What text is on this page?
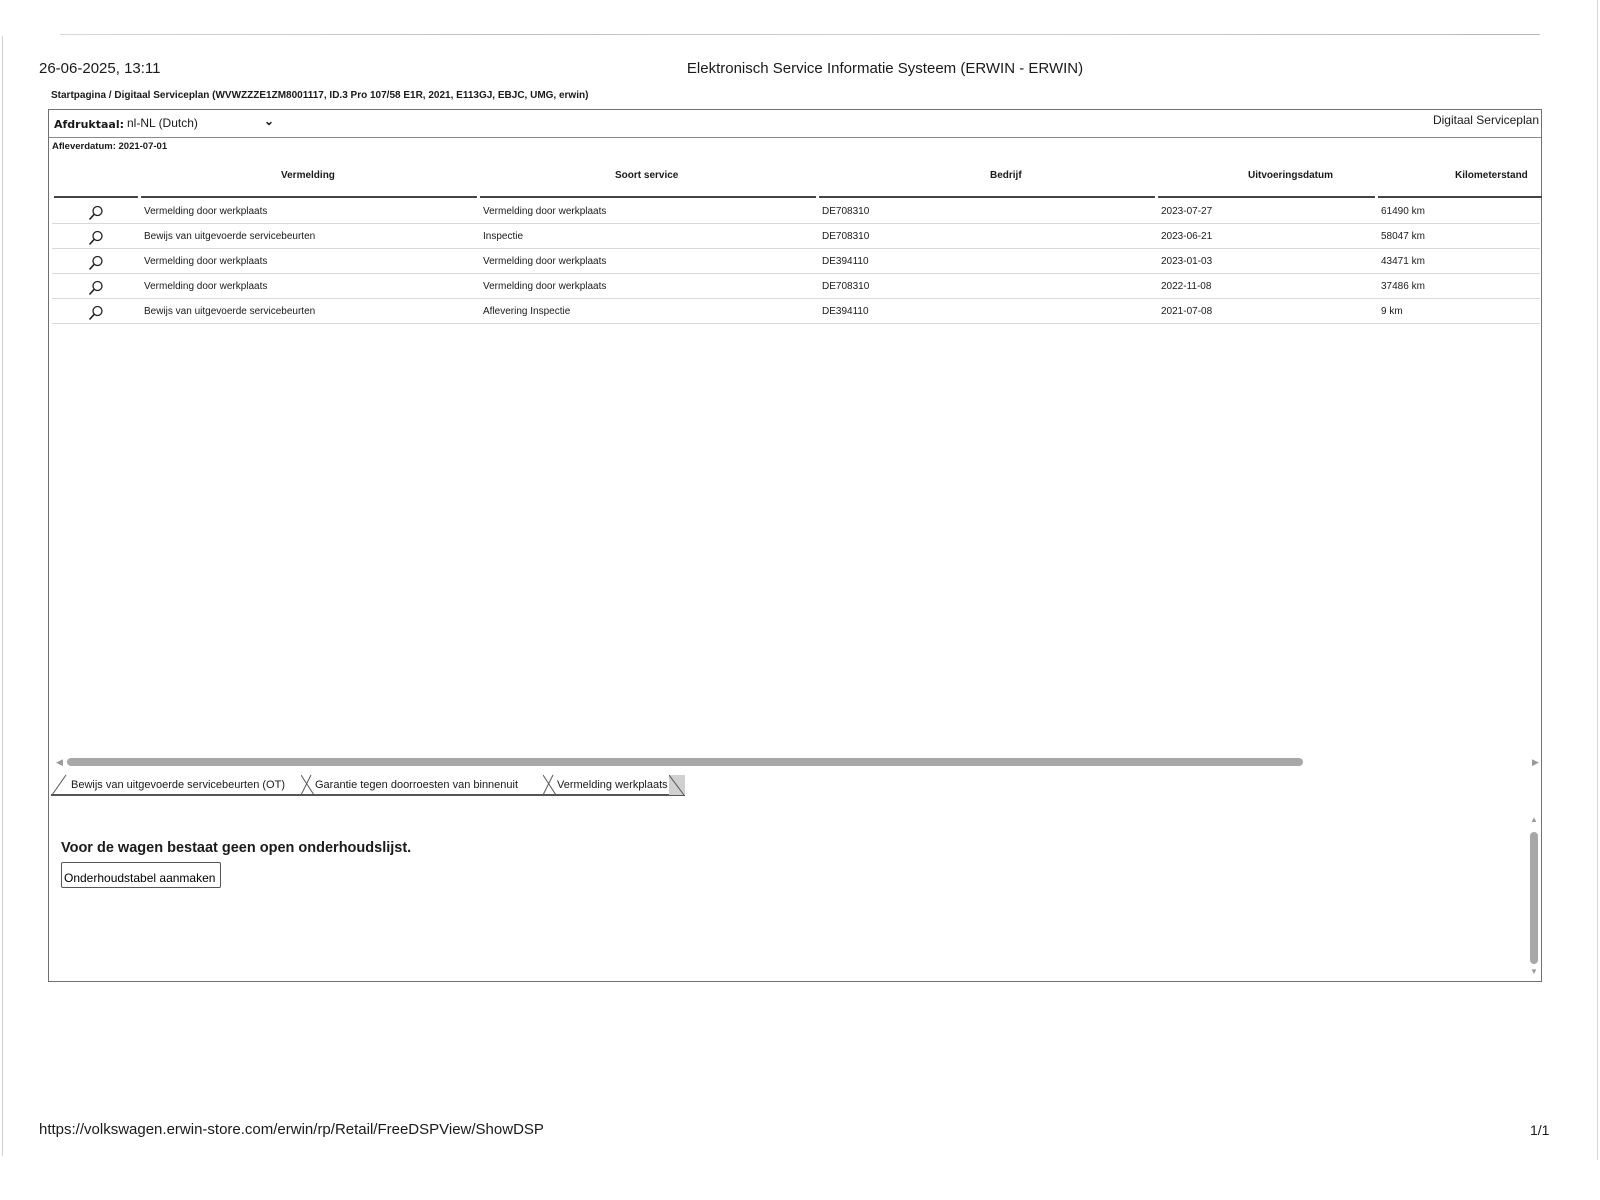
26-06-2025, 13:11	Elektronisch Service Informatie Systeem (ERWIN - ERWIN)
Startpagina / Digitaal Serviceplan (WVWZZZE1ZM8001117, ID.3 Pro 107/58 E1R, 2021, E113GJ, EBJC, UMG, erwin)
Afdruktaal: nl-NL (Dutch)	⌄	Digitaal Serviceplan
Afleverdatum: 2021-07-01
Vermelding	Soort service	Bedrijf	Uitvoeringsdatum	Kilometerstand
Vermelding door werkplaats	Vermelding door werkplaats	DE708310	2023-07-27	61490 km
Bewijs van uitgevoerde servicebeurten	Inspectie	DE708310	2023-06-21	58047 km
Vermelding door werkplaats	Vermelding door werkplaats	DE394110	2023-01-03	43471 km
Vermelding door werkplaats	Vermelding door werkplaats	DE708310	2022-11-08	37486 km
Bewijs van uitgevoerde servicebeurten	Aflevering Inspectie	DE394110	2021-07-08	9 km
◀	▶
Bewijs van uitgevoerde servicebeurten (OT)	Garantie tegen doorroesten van binnenuit	Vermelding werkplaats
Voor de wagen bestaat geen open onderhoudslijst.
Onderhoudstabel aanmaken
▲
▼
https://volkswagen.erwin-store.com/erwin/rp/Retail/FreeDSPView/ShowDSP	1/1
